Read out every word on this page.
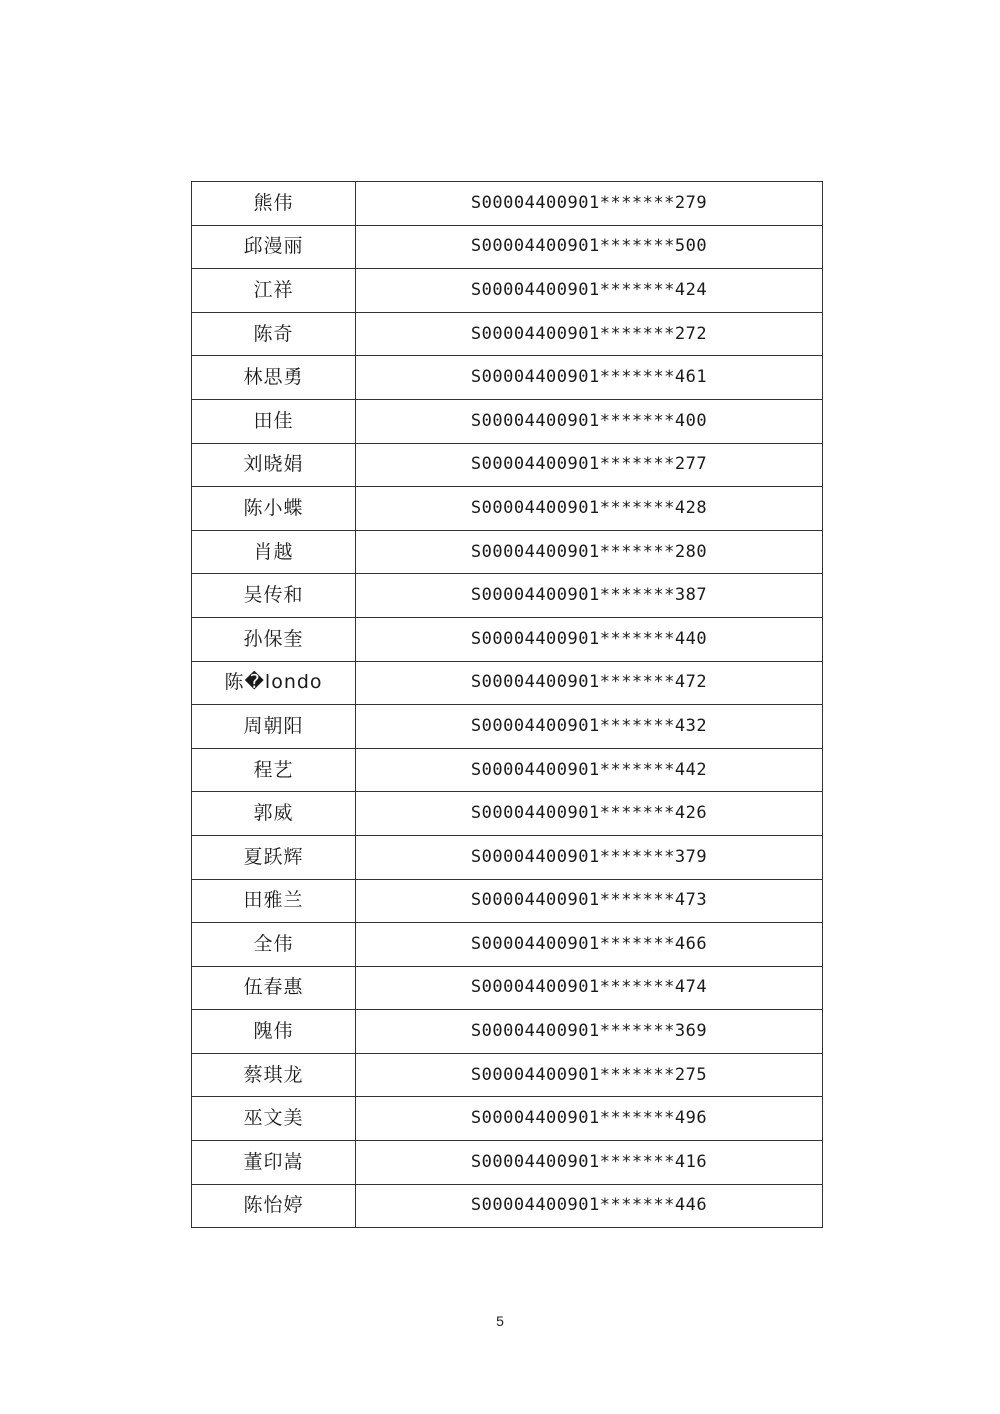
熊伟	S00004400901*******279
邱漫丽	S00004400901*******500
江祥	S00004400901*******424
陈奇	S00004400901*******272
林思勇	S00004400901*******461
田佳	S00004400901*******400
刘晓娟	S00004400901*******277
陈小蝶	S00004400901*******428
肖越	S00004400901*******280
吴传和	S00004400901*******387
孙保奎	S00004400901*******440
陈�londo	S00004400901*******472
周朝阳	S00004400901*******432
程艺	S00004400901*******442
郭威	S00004400901*******426
夏跃辉	S00004400901*******379
田雅兰	S00004400901*******473
全伟	S00004400901*******466
伍春惠	S00004400901*******474
隗伟	S00004400901*******369
蔡琪龙	S00004400901*******275
巫文美	S00004400901*******496
董印嵩	S00004400901*******416
陈怡婷	S00004400901*******446
5
